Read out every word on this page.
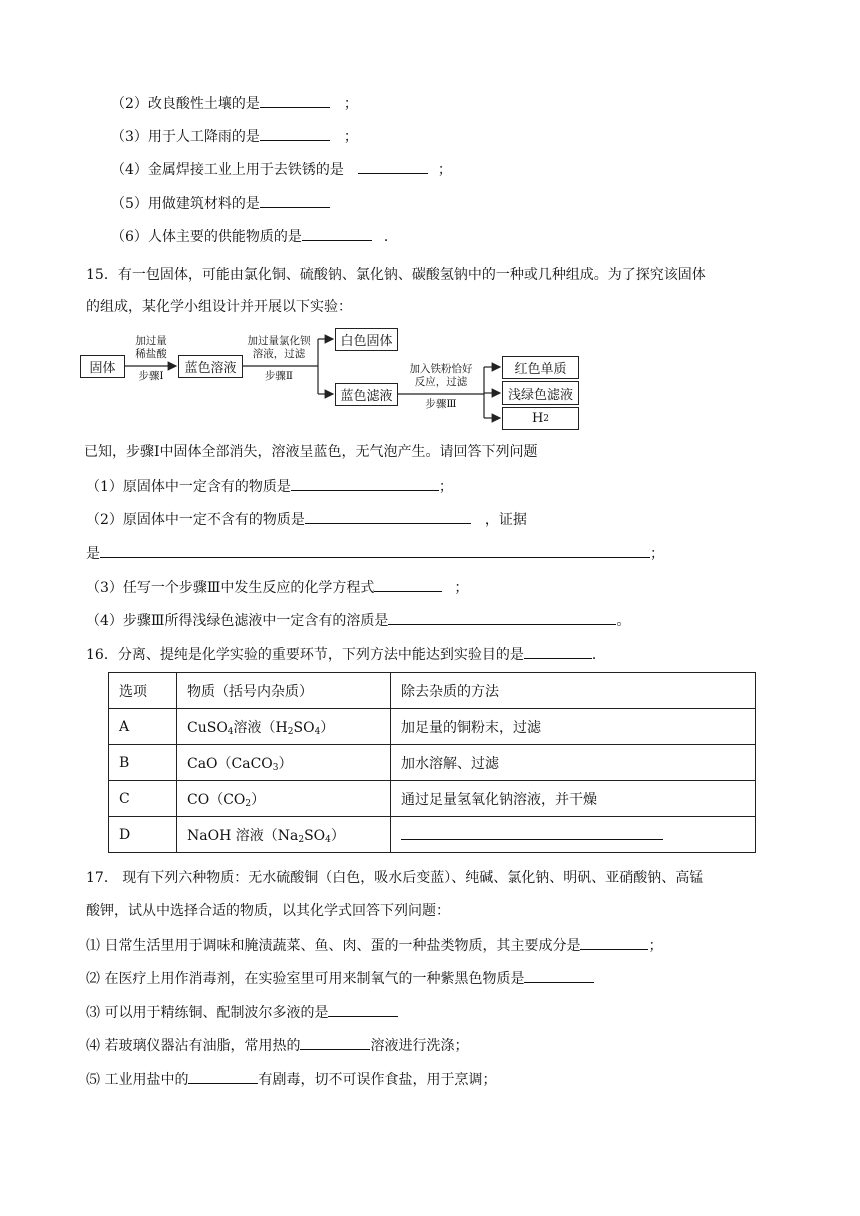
（2）改良酸性土壤的是	；
（3）用于人工降雨的是	；
（4）金属焊接工业上用于去铁锈的是	；
（5）用做建筑材料的是
（6）人体主要的供能物质的是	．
15．有一包固体，可能由氯化铜、硫酸钠、氯化钠、碳酸氢钠中的一种或几种组成。为了探究该固体
的组成，某化学小组设计并开展以下实验：
固体	蓝色溶液
白色固体
蓝色滤液
红色单质
浅绿色滤液
H 2
加过量
稀盐酸
步骤Ⅰ
加过量氯化钡
溶液，过滤
步骤Ⅱ
加入铁粉恰好
反应，过滤
步骤Ⅲ
已知，步骤Ⅰ中固体全部消失，溶液呈蓝色，无气泡产生。请回答下列问题
（1）原固体中一定含有的物质是	；
（2）原固体中一定不含有的物质是	，证据
是	；
（3）任写一个步骤Ⅲ中发生反应的化学方程式	；
（4）步骤Ⅲ所得浅绿色滤液中一定含有的溶质是	。
16．分离、提纯是化学实验的重要环节，下列方法中能达到实验目的是	．
选项	物质（括号内杂质）	除去杂质的方法
A	CuSO$_4$溶液$(H_2SO_4)$	加足量的铜粉末，过滤
B	CaO（CaCO$_3$）	加水溶解、过滤
C	$CO(CO_2)$	通过足量氢氧化钠溶液，并干燥
D	NaOH 溶液$(Na_2SO_4)$	
17． 现有下列六种物质：无水硫酸铜（白色，吸水后变蓝）、纯碱、氯化钠、明矾、亚硝酸钠、高锰
酸钾，试从中选择合适的物质，以其化学式回答下列问题：
⑴ 日常生活里用于调味和腌渍蔬菜、鱼、肉、蛋的一种盐类物质，其主要成分是	；
⑵ 在医疗上用作消毒剂，在实验室里可用来制氧气的一种紫黑色物质是
⑶ 可以用于精练铜、配制波尔多液的是
⑷ 若玻璃仪器沾有油脂，常用热的	溶液进行洗涤；
⑸ 工业用盐中的	有剧毒，切不可误作食盐，用于烹调；
